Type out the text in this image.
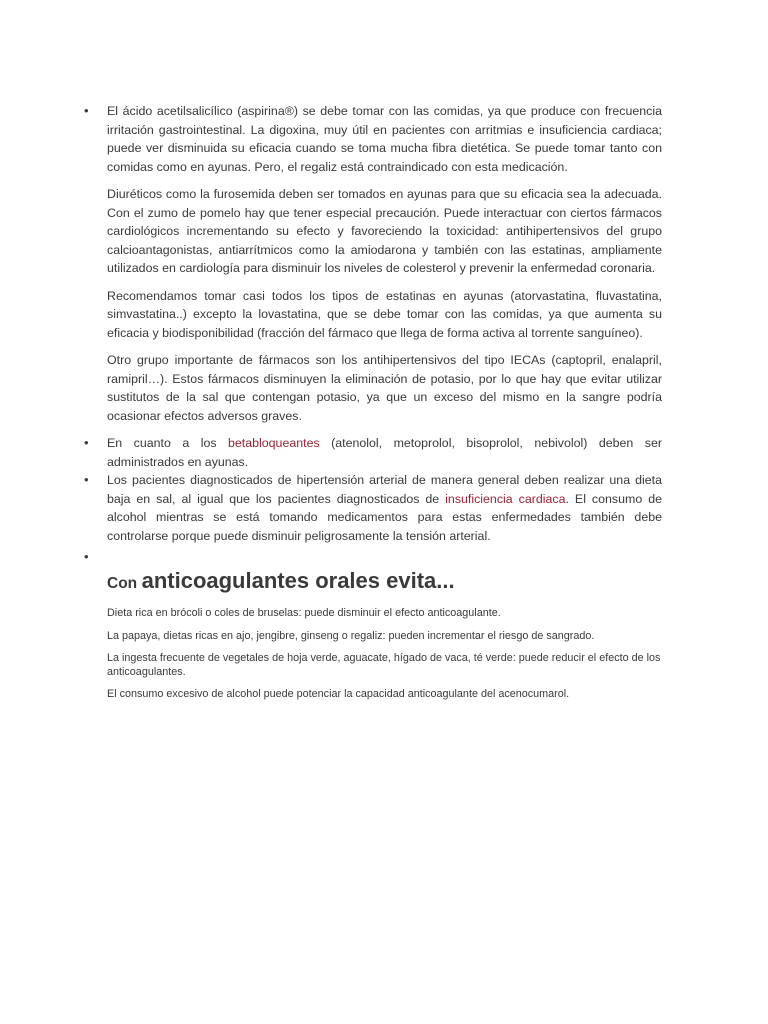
• El ácido acetilsalicílico (aspirina®) se debe tomar con las comidas, ya que produce con frecuencia irritación gastrointestinal. La digoxina, muy útil en pacientes con arritmias e insuficiencia cardiaca; puede ver disminuida su eficacia cuando se toma mucha fibra dietética. Se puede tomar tanto con comidas como en ayunas. Pero, el regaliz está contraindicado con esta medicación.

Diuréticos como la furosemida deben ser tomados en ayunas para que su eficacia sea la adecuada. Con el zumo de pomelo hay que tener especial precaución. Puede interactuar con ciertos fármacos cardiológicos incrementando su efecto y favoreciendo la toxicidad: antihipertensivos del grupo calcioantagonistas, antiarrítmicos como la amiodarona y también con las estatinas, ampliamente utilizados en cardiología para disminuir los niveles de colesterol y prevenir la enfermedad coronaria.

Recomendamos tomar casi todos los tipos de estatinas en ayunas (atorvastatina, fluvastatina, simvastatina..) excepto la lovastatina, que se debe tomar con las comidas, ya que aumenta su eficacia y biodisponibilidad (fracción del fármaco que llega de forma activa al torrente sanguíneo).

Otro grupo importante de fármacos son los antihipertensivos del tipo IECAs (captopril, enalapril, ramipril…). Estos fármacos disminuyen la eliminación de potasio, por lo que hay que evitar utilizar sustitutos de la sal que contengan potasio, ya que un exceso del mismo en la sangre podría ocasionar efectos adversos graves.

• En cuanto a los betabloqueantes (atenolol, metoprolol, bisoprolol, nebivolol) deben ser administrados en ayunas.

• Los pacientes diagnosticados de hipertensión arterial de manera general deben realizar una dieta baja en sal, al igual que los pacientes diagnosticados de insuficiencia cardiaca. El consumo de alcohol mientras se está tomando medicamentos para estas enfermedades también debe controlarse porque puede disminuir peligrosamente la tensión arterial.

•
Con anticoagulantes orales evita...

Dieta rica en brócoli o coles de bruselas: puede disminuir el efecto anticoagulante.

La papaya, dietas ricas en ajo, jengibre, ginseng o regaliz: pueden incrementar el riesgo de sangrado.

La ingesta frecuente de vegetales de hoja verde, aguacate, hígado de vaca, té verde: puede reducir el efecto de los anticoagulantes.

El consumo excesivo de alcohol puede potenciar la capacidad anticoagulante del acenocumarol.
